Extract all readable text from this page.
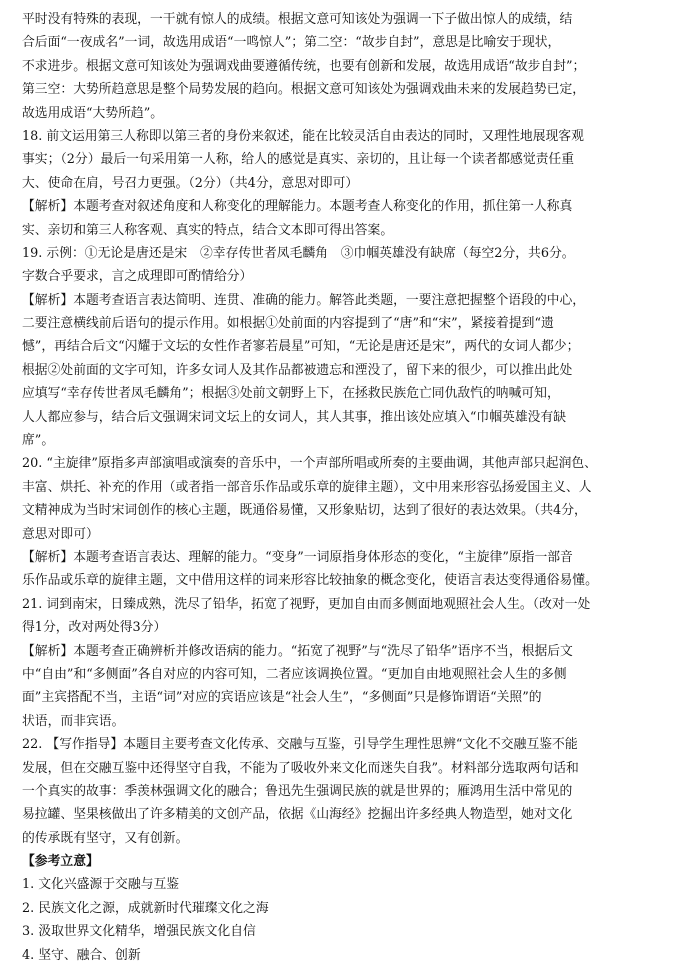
平时没有特殊的表现，一干就有惊人的成绩。根据文意可知该处为强调一下子做出惊人的成绩，结
合后面“一夜成名”一词，故选用成语“一鸣惊人”；第二空：“故步自封”，意思是比喻安于现状，
不求进步。根据文意可知该处为强调戏曲要遵循传统，也要有创新和发展，故选用成语“故步自封”；
第三空：大势所趋意思是整个局势发展的趋向。根据文意可知该处为强调戏曲未来的发展趋势已定，
故选用成语“大势所趋”。
18. 前文运用第三人称即以第三者的身份来叙述，能在比较灵活自由表达的同时，又理性地展现客观
事实；（2分）最后一句采用第一人称，给人的感觉是真实、亲切的，且让每一个读者都感觉责任重
大、使命在肩，号召力更强。（2分）（共4分，意思对即可）
【解析】本题考查对叙述角度和人称变化的理解能力。本题考查人称变化的作用，抓住第一人称真
实、亲切和第三人称客观、真实的特点，结合文本即可得出答案。
19. 示例：①无论是唐还是宋　②幸存传世者凤毛麟角　③巾帼英雄没有缺席（每空2分，共6分。
字数合乎要求，言之成理即可酌情给分）
【解析】本题考查语言表达简明、连贯、准确的能力。解答此类题，一要注意把握整个语段的中心，
二要注意横线前后语句的提示作用。如根据①处前面的内容提到了“唐”和“宋”，紧接着提到“遗
憾”，再结合后文“闪耀于文坛的女性作者寥若晨星”可知，“无论是唐还是宋”，两代的女词人都少；
根据②处前面的文字可知，许多女词人及其作品都被遗忘和湮没了，留下来的很少，可以推出此处
应填写“幸存传世者凤毛麟角”；根据③处前文朝野上下，在拯救民族危亡同仇敌忾的呐喊可知，
人人都应参与，结合后文强调宋词文坛上的女词人，其人其事，推出该处应填入“巾帼英雄没有缺
席”。
20. “主旋律”原指多声部演唱或演奏的音乐中，一个声部所唱或所奏的主要曲调，其他声部只起润色、
丰富、烘托、补充的作用（或者指一部音乐作品或乐章的旋律主题），文中用来形容弘扬爱国主义、人
文精神成为当时宋词创作的核心主题，既通俗易懂，又形象贴切，达到了很好的表达效果。（共4分，
意思对即可）
【解析】本题考查语言表达、理解的能力。“变身”一词原指身体形态的变化，“主旋律”原指一部音
乐作品或乐章的旋律主题，文中借用这样的词来形容比较抽象的概念变化，使语言表达变得通俗易懂。
21. 词到南宋，日臻成熟，洗尽了铅华，拓宽了视野，更加自由而多侧面地观照社会人生。（改对一处
得1分，改对两处得3分）
【解析】本题考查正确辨析并修改语病的能力。“拓宽了视野”与“洗尽了铅华”语序不当，根据后文
中“自由”和“多侧面”各自对应的内容可知，二者应该调换位置。“更加自由地观照社会人生的多侧
面”主宾搭配不当，主语“词”对应的宾语应该是“社会人生”，“多侧面”只是修饰谓语“关照”的
状语，而非宾语。
22. 【写作指导】本题目主要考查文化传承、交融与互鉴，引导学生理性思辨“文化不交融互鉴不能
发展，但在交融互鉴中还得坚守自我，不能为了吸收外来文化而迷失自我”。材料部分选取两句话和
一个真实的故事：季羡林强调文化的融合；鲁迅先生强调民族的就是世界的；雁鸿用生活中常见的
易拉罐、坚果核做出了许多精美的文创产品，依据《山海经》挖掘出许多经典人物造型，她对文化
的传承既有坚守，又有创新。
【参考立意】
1. 文化兴盛源于交融与互鉴
2. 民族文化之源，成就新时代璀璨文化之海
3. 汲取世界文化精华，增强民族文化自信
4. 坚守、融合、创新
